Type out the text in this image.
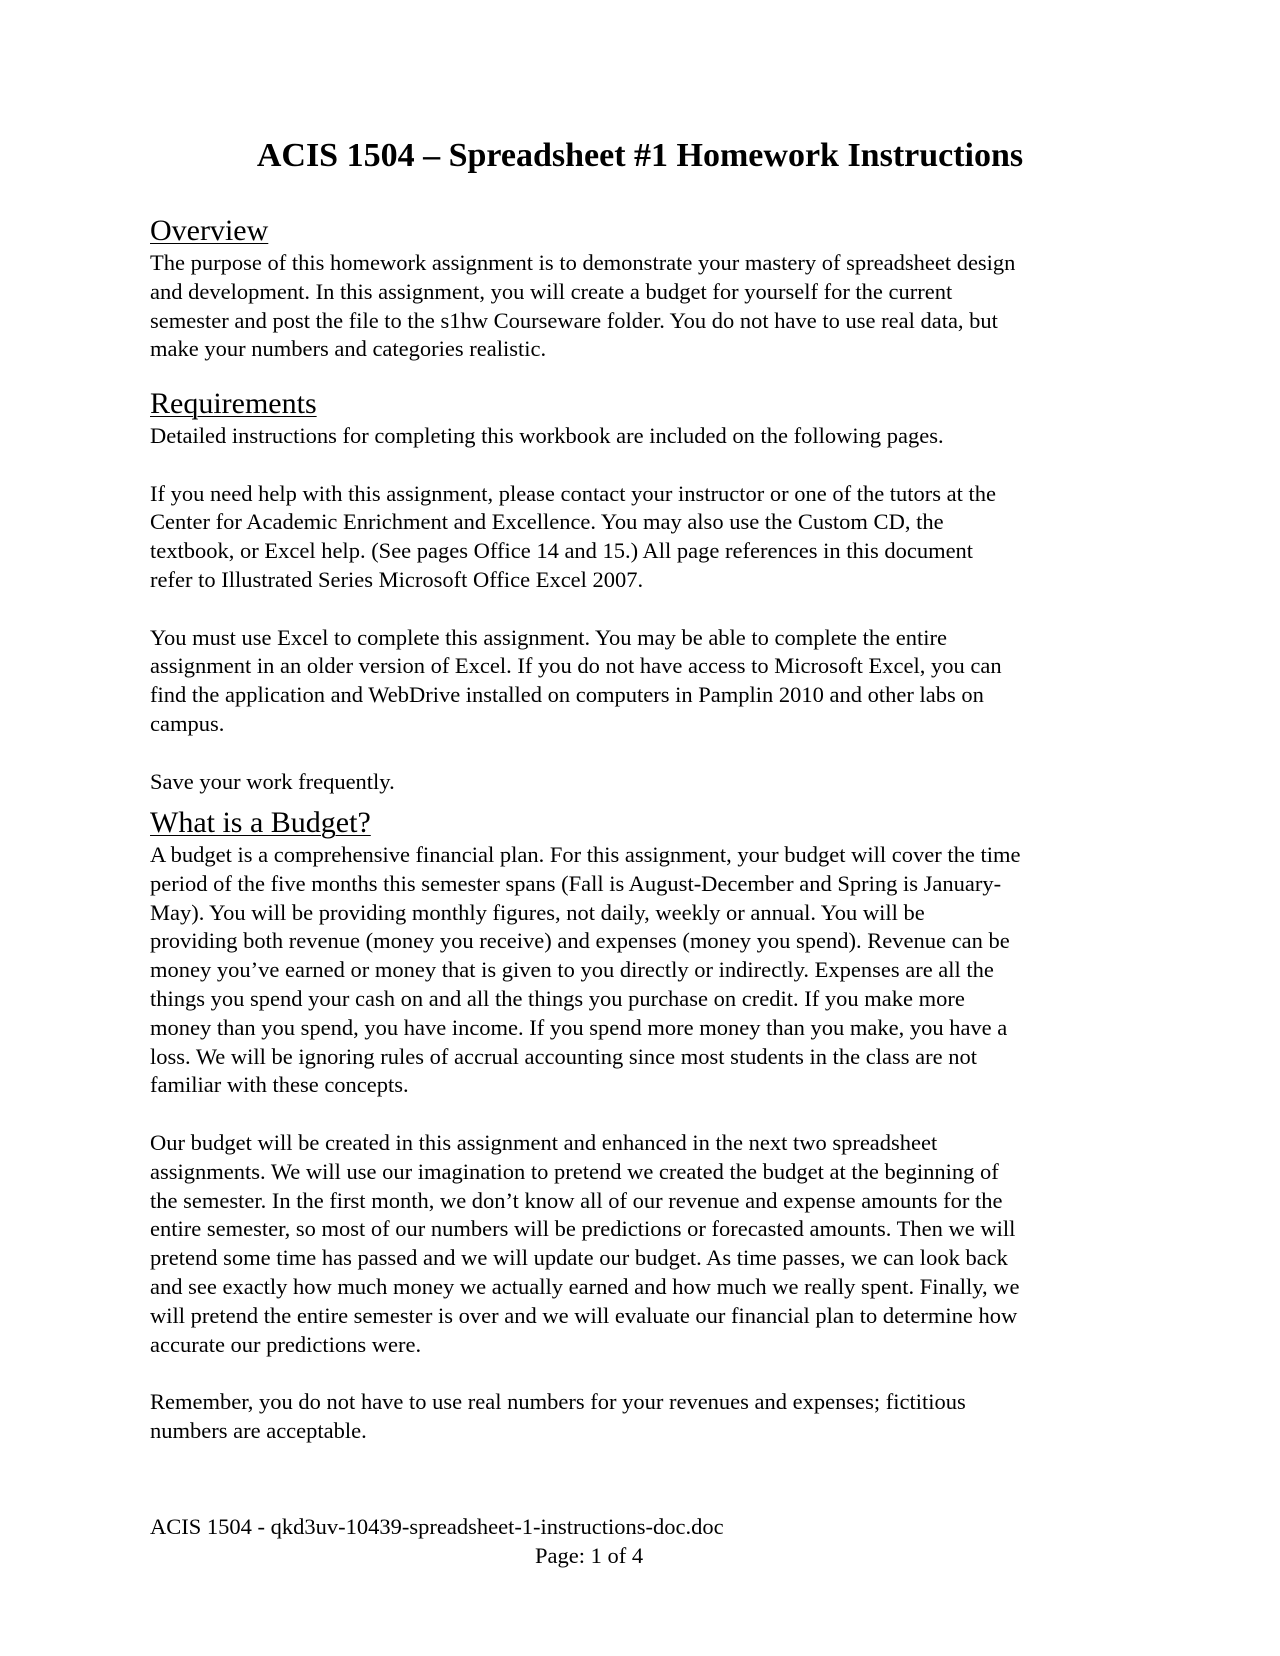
ACIS 1504 – Spreadsheet #1 Homework Instructions
Overview

The purpose of this homework assignment is to demonstrate your mastery of spreadsheet design
and development. In this assignment, you will create a budget for yourself for the current
semester and post the file to the s1hw Courseware folder. You do not have to use real data, but
make your numbers and categories realistic.

Requirements

Detailed instructions for completing this workbook are included on the following pages.

If you need help with this assignment, please contact your instructor or one of the tutors at the
Center for Academic Enrichment and Excellence. You may also use the Custom CD, the
textbook, or Excel help. (See pages Office 14 and 15.) All page references in this document
refer to Illustrated Series Microsoft Office Excel 2007.

You must use Excel to complete this assignment. You may be able to complete the entire
assignment in an older version of Excel. If you do not have access to Microsoft Excel, you can
find the application and WebDrive installed on computers in Pamplin 2010 and other labs on
campus.

Save your work frequently.

What is a Budget?

A budget is a comprehensive financial plan. For this assignment, your budget will cover the time
period of the five months this semester spans (Fall is August-December and Spring is January-
May). You will be providing monthly figures, not daily, weekly or annual. You will be
providing both revenue (money you receive) and expenses (money you spend). Revenue can be
money you’ve earned or money that is given to you directly or indirectly. Expenses are all the
things you spend your cash on and all the things you purchase on credit. If you make more
money than you spend, you have income. If you spend more money than you make, you have a
loss. We will be ignoring rules of accrual accounting since most students in the class are not
familiar with these concepts.

Our budget will be created in this assignment and enhanced in the next two spreadsheet
assignments. We will use our imagination to pretend we created the budget at the beginning of
the semester. In the first month, we don’t know all of our revenue and expense amounts for the
entire semester, so most of our numbers will be predictions or forecasted amounts. Then we will
pretend some time has passed and we will update our budget. As time passes, we can look back
and see exactly how much money we actually earned and how much we really spent. Finally, we
will pretend the entire semester is over and we will evaluate our financial plan to determine how
accurate our predictions were.

Remember, you do not have to use real numbers for your revenues and expenses; fictitious
numbers are acceptable.

ACIS 1504 - qkd3uv-10439-spreadsheet-1-instructions-doc.doc
Page: 1 of 4
